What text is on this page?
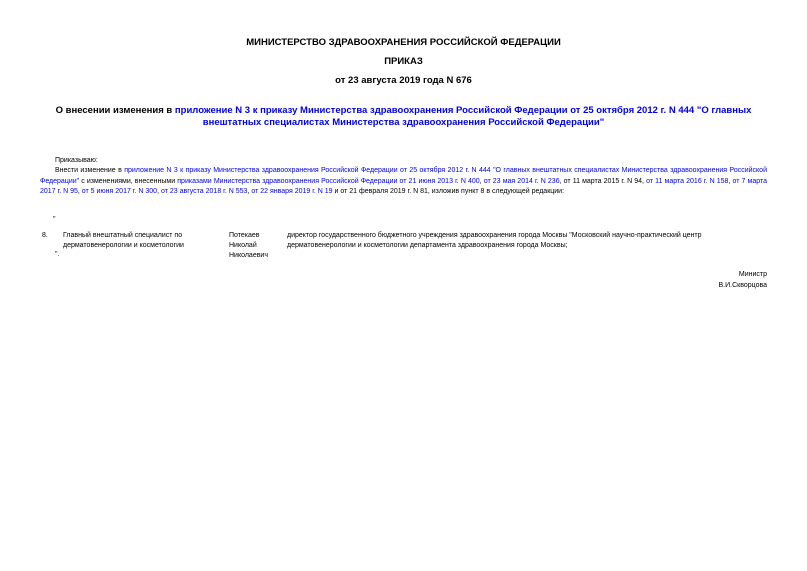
МИНИСТЕРСТВО ЗДРАВООХРАНЕНИЯ РОССИЙСКОЙ ФЕДЕРАЦИИ
ПРИКАЗ
от 23 августа 2019 года N 676
О внесении изменения в приложение N 3 к приказу Министерства здравоохранения Российской Федерации от 25 октября 2012 г. N 444 "О главных внештатных специалистах Министерства здравоохранения Российской Федерации"
Приказываю:
Внести изменение в приложение N 3 к приказу Министерства здравоохранения Российской Федерации от 25 октября 2012 г. N 444 "О главных внештатных специалистах Министерства здравоохранения Российской Федерации" с изменениями, внесенными приказами Министерства здравоохранения Российской Федерации от 21 июня 2013 г. N 400, от 23 мая 2014 г. N 236, от 11 марта 2015 г. N 94, от 11 марта 2016 г. N 158, от 7 марта 2017 г. N 95, от 5 июня 2017 г. N 300, от 23 августа 2018 г. N 553, от 22 января 2019 г. N 19 и от 21 февраля 2019 г. N 81, изложив пункт 8 в следующей редакции:
"
8. Главный внештатный специалист по дерматовенерологии и косметологии
Потекаев Николай Николаевич
директор государственного бюджетного учреждения здравоохранения города Москвы "Московский научно-практический центр дерматовенерологии и косметологии департамента здравоохранения города Москвы;
".
Министр
В.И.Скворцова
